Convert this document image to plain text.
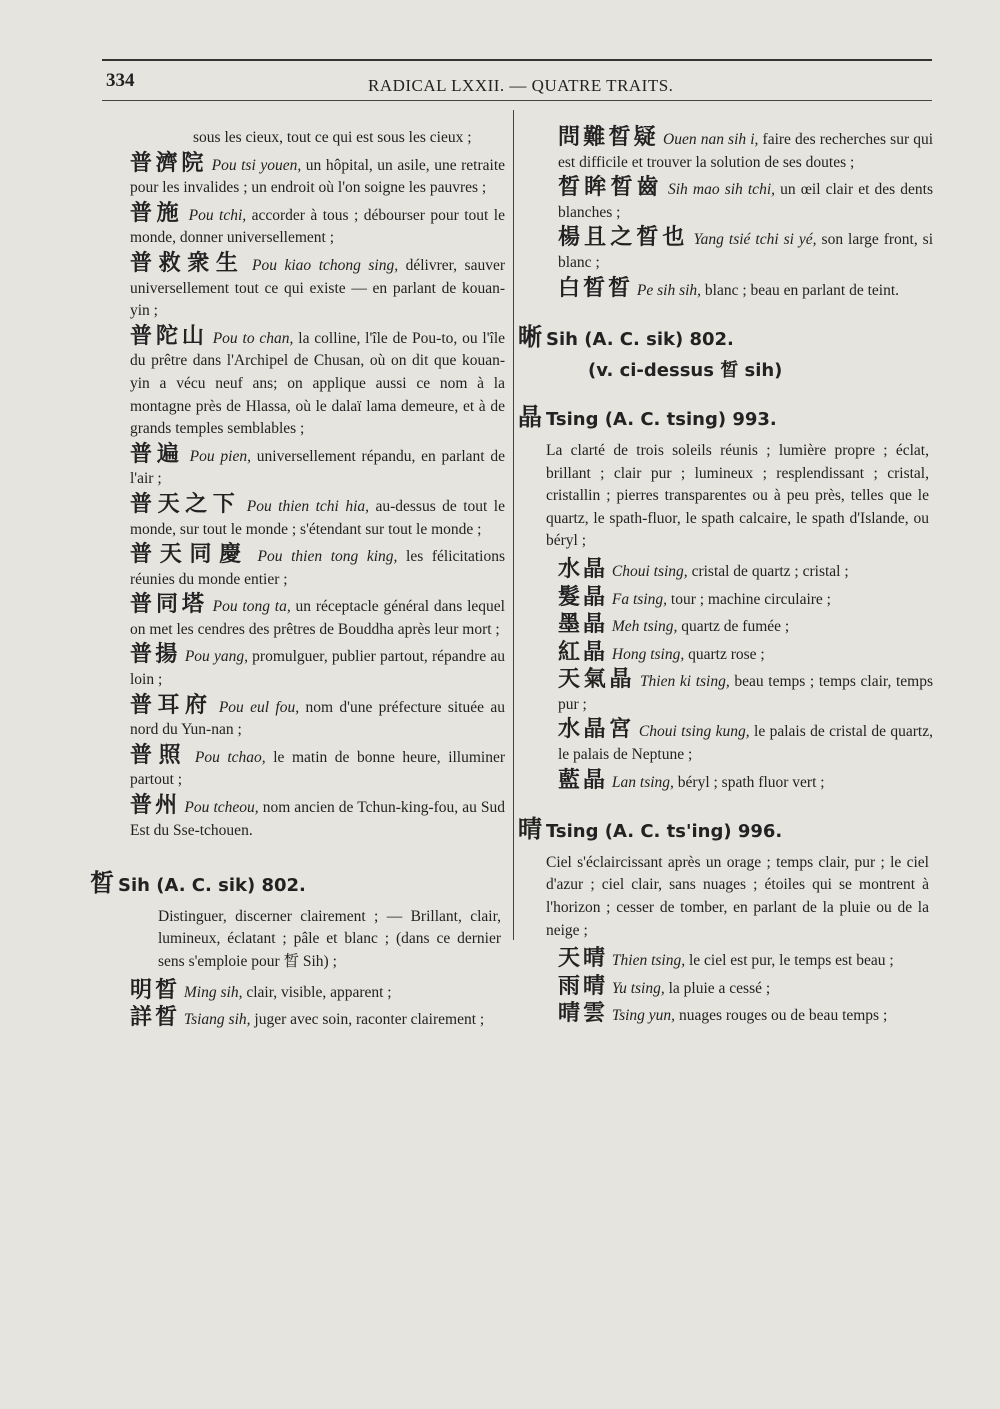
334	RADICAL LXXII. — QUATRE TRAITS.
sous les cieux, tout ce qui est sous les cieux ;
普濟院 Pou tsi youen, un hôpital, un asile, une retraite pour les invalides ; un endroit où l'on soigne les pauvres ;
普施 Pou tchi, accorder à tous ; débourser pour tout le monde, donner universellement ;
普救衆生 Pou kiao tchong sing, délivrer, sauver universellement tout ce qui existe — en parlant de kouan-yin ;
普陀山 Pou to chan, la colline, l'île de Pou-to, ou l'île du prêtre dans l'Archipel de Chusan, où on dit que kouan-yin a vécu neuf ans; on applique aussi ce nom à la montagne près de Hlassa, où le dalaï lama demeure, et à de grands temples semblables ;
普遍 Pou pien, universellement répandu, en parlant de l'air ;
普天之下 Pou thien tchi hia, au-dessus de tout le monde, sur tout le monde ; s'étendant sur tout le monde ;
普天同慶 Pou thien tong king, les félicitations réunies du monde entier ;
普同塔 Pou tong ta, un réceptacle général dans lequel on met les cendres des prêtres de Bouddha après leur mort ;
普揚 Pou yang, promulguer, publier partout, répandre au loin ;
普耳府 Pou eul fou, nom d'une préfecture située au nord du Yun-nan ;
普照 Pou tchao, le matin de bonne heure, illuminer partout ;
普州 Pou tcheou, nom ancien de Tchun-king-fou, au Sud Est du Sse-tchouen.
晳 Sih (A. C. sik) 802.
Distinguer, discerner clairement ; — Brillant, clair, lumineux, éclatant ; pâle et blanc ; (dans ce dernier sens s'emploie pour 晳 Sih) ;
明晳 Ming sih, clair, visible, apparent ;
詳晳 Tsiang sih, juger avec soin, raconter clairement ;
問難晳疑 Ouen nan sih i, faire des recherches sur qui est difficile et trouver la solution de ses doutes ;
晳眸晳齒 Sih mao sih tchi, un œil clair et des dents blanches ;
楊且之晳也 Yang tsié tchi si yé, son large front, si blanc ;
白晳晳 Pe sih sih, blanc ; beau en parlant de teint.
晰 Sih (A. C. sik) 802.
(v. ci-dessus 晳 sih)
晶 Tsing (A. C. tsing) 993.
La clarté de trois soleils réunis ; lumière propre ; éclat, brillant ; clair pur ; lumineux ; resplendissant ; cristal, cristallin ; pierres transparentes ou à peu près, telles que le quartz, le spath-fluor, le spath calcaire, le spath d'Islande, ou béryl ;
水晶 Choui tsing, cristal de quartz ; cristal ;
髮晶 Fa tsing, tour ; machine circulaire ;
墨晶 Meh tsing, quartz de fumée ;
紅晶 Hong tsing, quartz rose ;
天氣晶 Thien ki tsing, beau temps ; temps clair, temps pur ;
水晶宮 Choui tsing kung, le palais de cristal de quartz, le palais de Neptune ;
藍晶 Lan tsing, béryl ; spath fluor vert ;
晴 Tsing (A. C. ts'ing) 996.
Ciel s'éclaircissant après un orage ; temps clair, pur ; le ciel d'azur ; ciel clair, sans nuages ; étoiles qui se montrent à l'horizon ; cesser de tomber, en parlant de la pluie ou de la neige ;
天晴 Thien tsing, le ciel est pur, le temps est beau ;
雨晴 Yu tsing, la pluie a cessé ;
晴雲 Tsing yun, nuages rouges ou de beau temps ;
